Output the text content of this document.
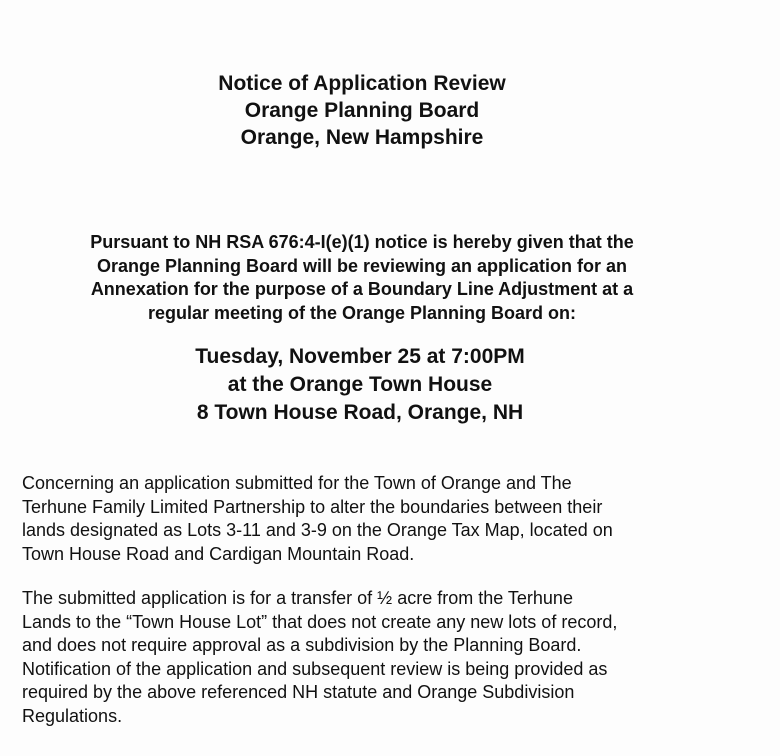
Notice of Application Review
Orange Planning Board
Orange, New Hampshire
Pursuant to NH RSA 676:4-I(e)(1) notice is hereby given that the
Orange Planning Board will be reviewing an application for an
Annexation for the purpose of a Boundary Line Adjustment at a
regular meeting of the Orange Planning Board on:
Tuesday, November 25 at 7:00PM
at the Orange Town House
8 Town House Road, Orange, NH
Concerning an application submitted for the Town of Orange and The
Terhune Family Limited Partnership to alter the boundaries between their
lands designated as Lots 3-11 and 3-9 on the Orange Tax Map, located on
Town House Road and Cardigan Mountain Road.
The submitted application is for a transfer of ½ acre from the Terhune
Lands to the “Town House Lot” that does not create any new lots of record,
and does not require approval as a subdivision by the Planning Board.
Notification of the application and subsequent review is being provided as
required by the above referenced NH statute and Orange Subdivision
Regulations.
